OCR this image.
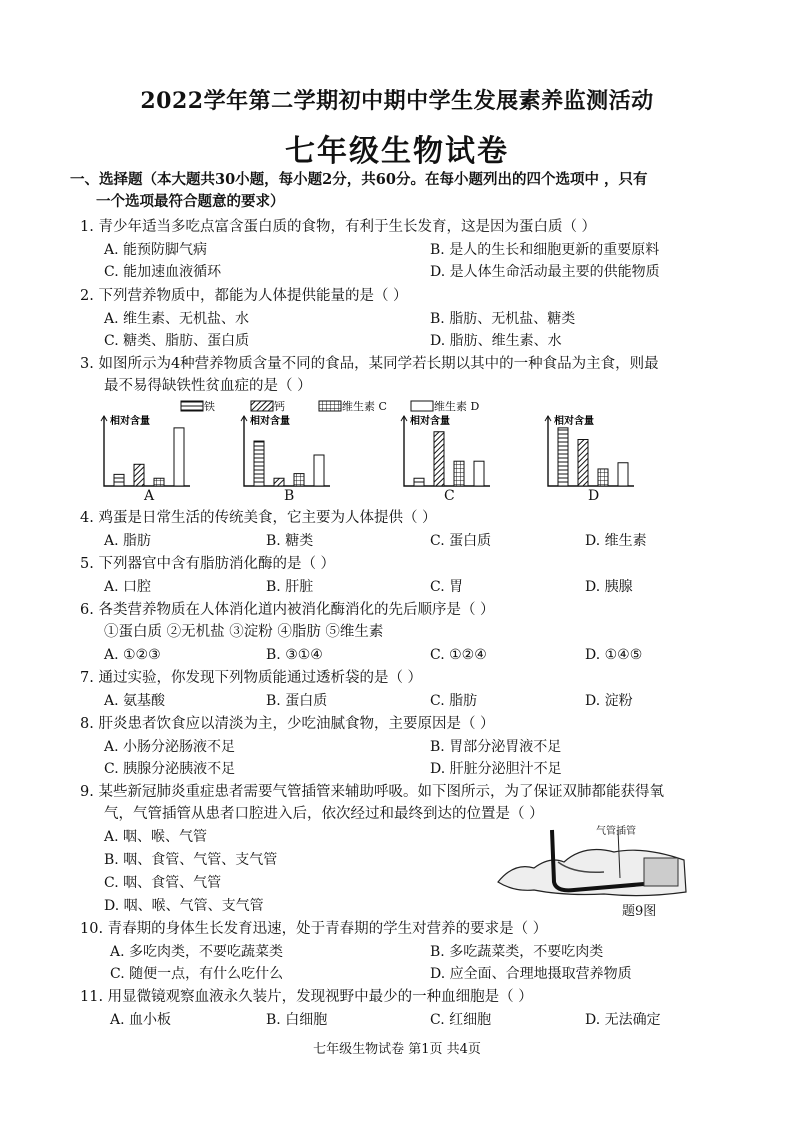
2022学年第二学期初中期中学生发展素养监测活动
七年级生物试卷
一、选择题（本大题共30小题，每小题2分，共60分。在每小题列出的四个选项中 ，只有
一个选项最符合题意的要求）
1. 青少年适当多吃点富含蛋白质的食物，有利于生长发育，这是因为蛋白质（ ）
A. 能预防脚气病	B. 是人的生长和细胞更新的重要原料
C. 能加速血液循环	D. 是人体生命活动最主要的供能物质
2. 下列营养物质中，都能为人体提供能量的是（ ）
A. 维生素、无机盐、水	B. 脂肪、无机盐、糖类
C. 糖类、脂肪、蛋白质	D. 脂肪、维生素、水
3. 如图所示为4种营养物质含量不同的食品，某同学若长期以其中的一种食品为主食，则最
最不易得缺铁性贫血症的是（ ）
铁	钙	维生素 C	维生素 D
相对含量	相对含量	相对含量	相对含量
A	B	C	D
4. 鸡蛋是日常生活的传统美食，它主要为人体提供（ ）
A. 脂肪	B. 糖类	C. 蛋白质	D. 维生素
5. 下列器官中含有脂肪消化酶的是（ ）
A. 口腔	B. 肝脏	C. 胃	D. 胰腺
6. 各类营养物质在人体消化道内被消化酶消化的先后顺序是（ ）
①蛋白质 ②无机盐 ③淀粉 ④脂肪 ⑤维生素
A. ①②③	B. ③①④	C. ①②④	D. ①④⑤
7. 通过实验，你发现下列物质能通过透析袋的是（ ）
A. 氨基酸	B. 蛋白质	C. 脂肪	D. 淀粉
8. 肝炎患者饮食应以清淡为主，少吃油腻食物，主要原因是（ ）
A. 小肠分泌肠液不足	B. 胃部分泌胃液不足
C. 胰腺分泌胰液不足	D. 肝脏分泌胆汁不足
9. 某些新冠肺炎重症患者需要气管插管来辅助呼吸。如下图所示，为了保证双肺都能获得氧
气，气管插管从患者口腔进入后，依次经过和最终到达的位置是（ ）
A. 咽、喉、气管
B. 咽、食管、气管、支气管
C. 咽、食管、气管
D. 咽、喉、气管、支气管
气管插管
题9图
10. 青春期的身体生长发育迅速，处于青春期的学生对营养的要求是（ ）
A. 多吃肉类，不要吃蔬菜类	B. 多吃蔬菜类，不要吃肉类
C. 随便一点，有什么吃什么	D. 应全面、合理地摄取营养物质
11. 用显微镜观察血液永久装片，发现视野中最少的一种血细胞是（ ）
A. 血小板	B. 白细胞	C. 红细胞	D. 无法确定
七年级生物试卷 第1页 共4页
